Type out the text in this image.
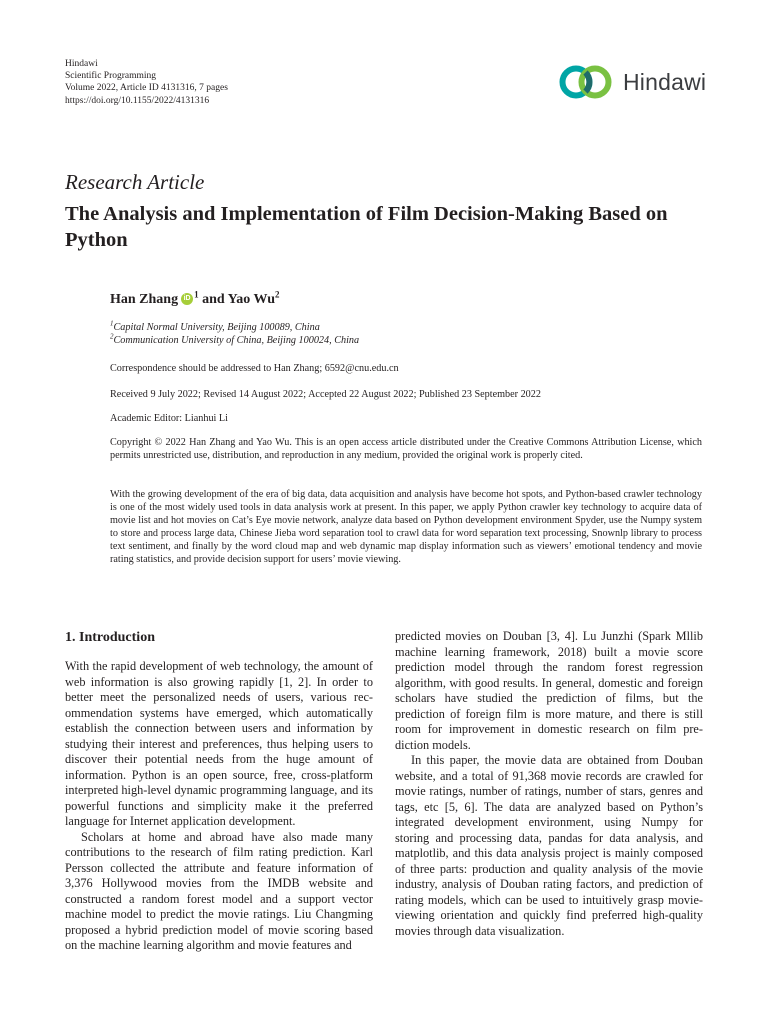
Hindawi
Scientific Programming
Volume 2022, Article ID 4131316, 7 pages
https://doi.org/10.1155/2022/4131316
Hindawi
Research Article
The Analysis and Implementation of Film Decision-Making Based on Python
Han Zhang iD $^1$ and Yao Wu$^2$
$^1$Capital Normal University, Beijing 100089, China
$^2$Communication University of China, Beijing 100024, China
Correspondence should be addressed to Han Zhang; 6592@cnu.edu.cn
Received 9 July 2022; Revised 14 August 2022; Accepted 22 August 2022; Published 23 September 2022
Academic Editor: Lianhui Li
Copyright © 2022 Han Zhang and Yao Wu. This is an open access article distributed under the Creative Commons Attribution License, which permits unrestricted use, distribution, and reproduction in any medium, provided the original work is properly cited.
With the growing development of the era of big data, data acquisition and analysis have become hot spots, and Python-based crawler technology is one of the most widely used tools in data analysis work at present. In this paper, we apply Python crawler key technology to acquire data of movie list and hot movies on Cat’s Eye movie network, analyze data based on Python development environment Spyder, use the Numpy system to store and process large data, Chinese Jieba word separation tool to crawl data for word separation text processing, Snownlp library to process text sentiment, and finally by the word cloud map and web dynamic map display information such as viewers’ emotional tendency and movie rating statistics, and provide decision support for users’ movie viewing.
1. Introduction

With the rapid development of web technology, the amount of web information is also growing rapidly [1, 2]. In order to better meet the personalized needs of users, various rec- ommendation systems have emerged, which automatically establish the connection between users and information by studying their interest and preferences, thus helping users to discover their potential needs from the huge amount of information. Python is an open source, free, cross-platform interpreted high-level dynamic programming language, and its powerful functions and simplicity make it the preferred language for Internet application development.

Scholars at home and abroad have also made many contributions to the research of film rating prediction. Karl Persson collected the attribute and feature information of 3,376 Hollywood movies from the IMDB website and constructed a random forest model and a support vector machine model to predict the movie ratings. Liu Changming proposed a hybrid prediction model of movie scoring based on the machine learning algorithm and movie features and

predicted movies on Douban [3, 4]. Lu Junzhi (Spark Mllib machine learning framework, 2018) built a movie score prediction model through the random forest regression algorithm, with good results. In general, domestic and foreign scholars have studied the prediction of films, but the prediction of foreign film is more mature, and there is still room for improvement in domestic research on film pre- diction models.

In this paper, the movie data are obtained from Douban website, and a total of 91,368 movie records are crawled for movie ratings, number of ratings, number of stars, genres and tags, etc [5, 6]. The data are analyzed based on Python’s integrated development environment, using Numpy for storing and processing data, pandas for data analysis, and matplotlib, and this data analysis project is mainly composed of three parts: production and quality analysis of the movie industry, analysis of Douban rating factors, and prediction of rating models, which can be used to intuitively grasp movie-viewing orientation and quickly find preferred high-quality movies through data visualization.
